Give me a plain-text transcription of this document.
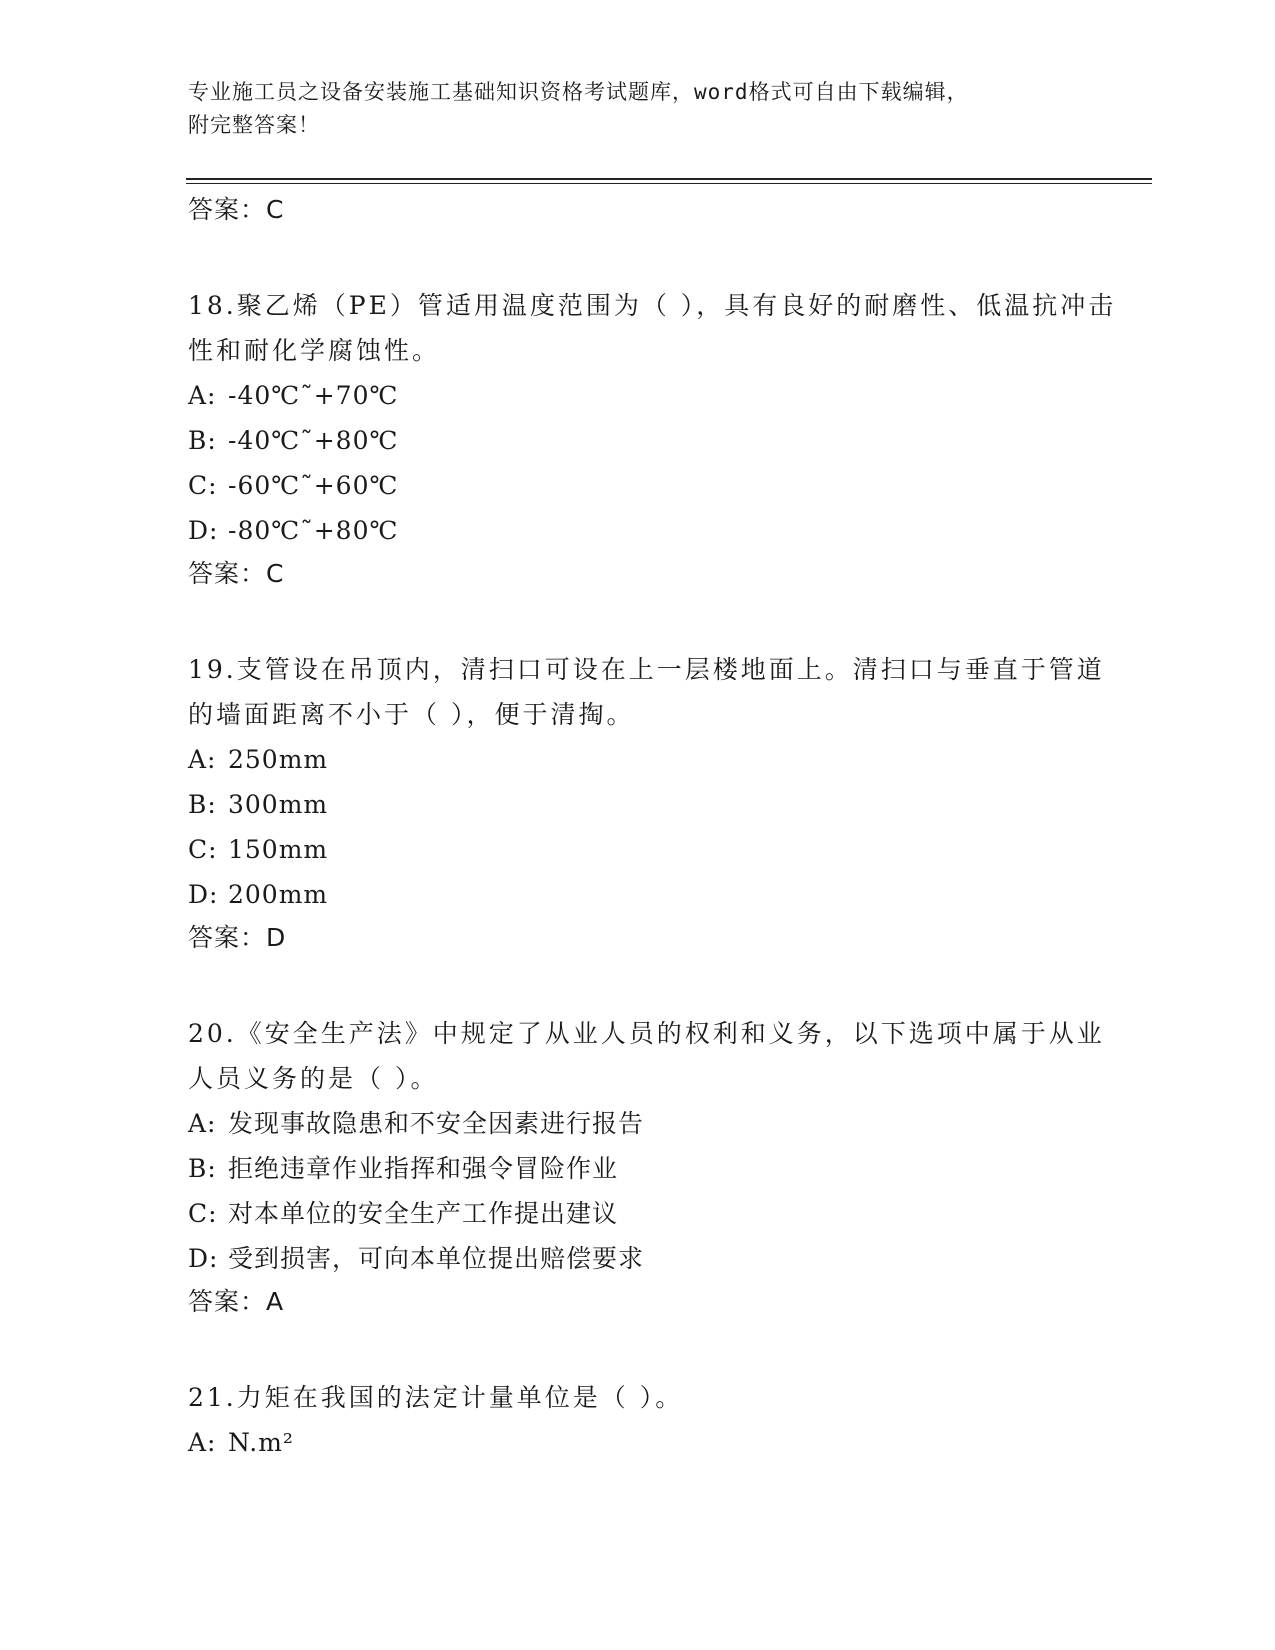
专业施工员之设备安装施工基础知识资格考试题库，word格式可自由下载编辑，
附完整答案！
答案：C
18.聚乙烯（PE）管适用温度范围为（ ），具有良好的耐磨性、低温抗冲击性和耐化学腐蚀性。
A: -40℃˜+70℃
B: -40℃˜+80℃
C: -60℃˜+60℃
D: -80℃˜+80℃
答案：C
19.支管设在吊顶内，清扫口可设在上一层楼地面上。清扫口与垂直于管道的墙面距离不小于（ ），便于清掏。
A: 250mm
B: 300mm
C: 150mm
D: 200mm
答案：D
20.《安全生产法》中规定了从业人员的权利和义务，以下选项中属于从业人员义务的是（ ）。
A: 发现事故隐患和不安全因素进行报告
B: 拒绝违章作业指挥和强令冒险作业
C: 对本单位的安全生产工作提出建议
D: 受到损害，可向本单位提出赔偿要求
答案：A
21.力矩在我国的法定计量单位是（ ）。
A: N.m²
